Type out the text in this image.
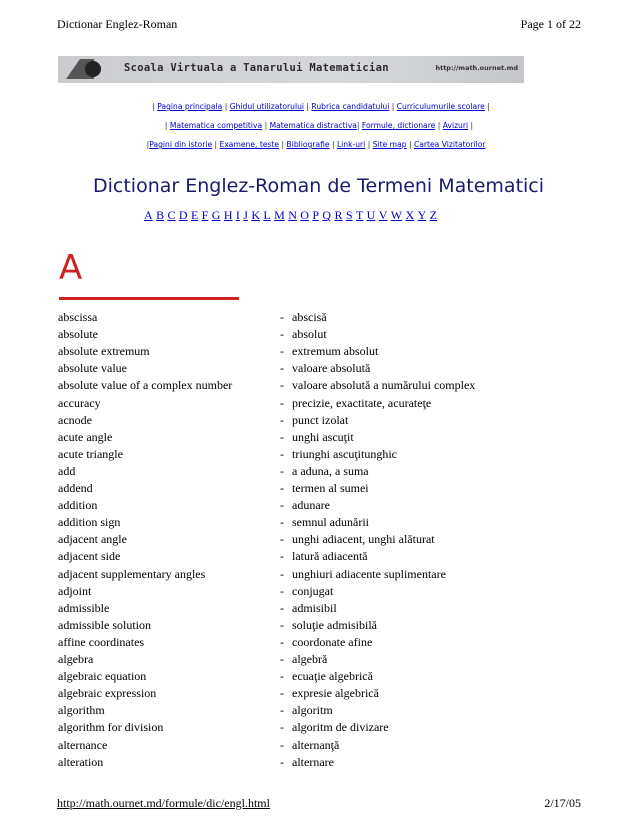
Dictionar Englez-Roman	Page 1 of 22
Scoala Virtuala a Tanarului Matematician	http://math.ournet.md
| Pagina principala | Ghidul utilizatorului | Rubrica candidatului | Curriculumurile scolare |
| Matematica competitiva | Matematica distractiva| Formule, dictionare | Avizuri |
|Pagini din istorie | Examene, teste | Bibliografie | Link-uri | Site map | Cartea Vizitatorilor
Dictionar Englez-Roman de Termeni Matematici
A B C D E F G H I J K L M N O P Q R S T U V W X Y Z
A
abscissa	- abscisă
absolute	- absolut
absolute extremum	- extremum absolut
absolute value	- valoare absolută
absolute value of a complex number	- valoare absolută a numărului complex
accuracy	- precizie, exactitate, acurateţe
acnode	- punct izolat
acute angle	- unghi ascuţit
acute triangle	- triunghi ascuţitunghic
add	- a aduna, a suma
addend	- termen al sumei
addition	- adunare
addition sign	- semnul adunării
adjacent angle	- unghi adiacent, unghi alăturat
adjacent side	- latură adiacentă
adjacent supplementary angles	- unghiuri adiacente suplimentare
adjoint	- conjugat
admissible	- admisibil
admissible solution	- soluţie admisibilă
affine coordinates	- coordonate afine
algebra	- algebră
algebraic equation	- ecuaţie algebrică
algebraic expression	- expresie algebrică
algorithm	- algoritm
algorithm for division	- algoritm de divizare
alternance	- alternanţă
alteration	- alternare
http://math.ournet.md/formule/dic/engl.html	2/17/05
